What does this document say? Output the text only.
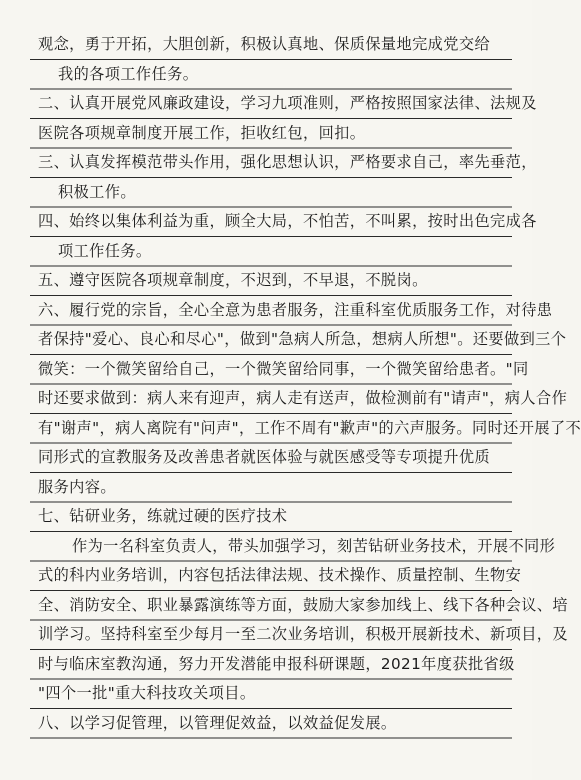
观念，勇于开拓，大胆创新，积极认真地、保质保量地完成党交给
我的各项工作任务。
二、认真开展党风廉政建设，学习九项准则，严格按照国家法律、法规及
医院各项规章制度开展工作，拒收红包，回扣。
三、认真发挥模范带头作用，强化思想认识，严格要求自己，率先垂范，
积极工作。
四、始终以集体利益为重，顾全大局，不怕苦，不叫累，按时出色完成各
项工作任务。
五、遵守医院各项规章制度，不迟到，不早退，不脱岗。
六、履行党的宗旨，全心全意为患者服务，注重科室优质服务工作，对待患
者保持"爱心、良心和尽心"，做到"急病人所急，想病人所想"。还要做到三个
微笑：一个微笑留给自己，一个微笑留给同事，一个微笑留给患者。"同
时还要求做到：病人来有迎声，病人走有送声，做检测前有"请声"，病人合作
有"谢声"，病人离院有"问声"，工作不周有"歉声"的六声服务。同时还开展了不
同形式的宣教服务及改善患者就医体验与就医感受等专项提升优质
服务内容。
七、钻研业务，练就过硬的医疗技术
作为一名科室负责人，带头加强学习，刻苦钻研业务技术，开展不同形
式的科内业务培训，内容包括法律法规、技术操作、质量控制、生物安
全、消防安全、职业暴露演练等方面，鼓励大家参加线上、线下各种会议、培
训学习。坚持科室至少每月一至二次业务培训，积极开展新技术、新项目，及
时与临床室教沟通，努力开发潜能申报科研课题，2021年度获批省级
"四个一批"重大科技攻关项目。
八、以学习促管理，以管理促效益，以效益促发展。
